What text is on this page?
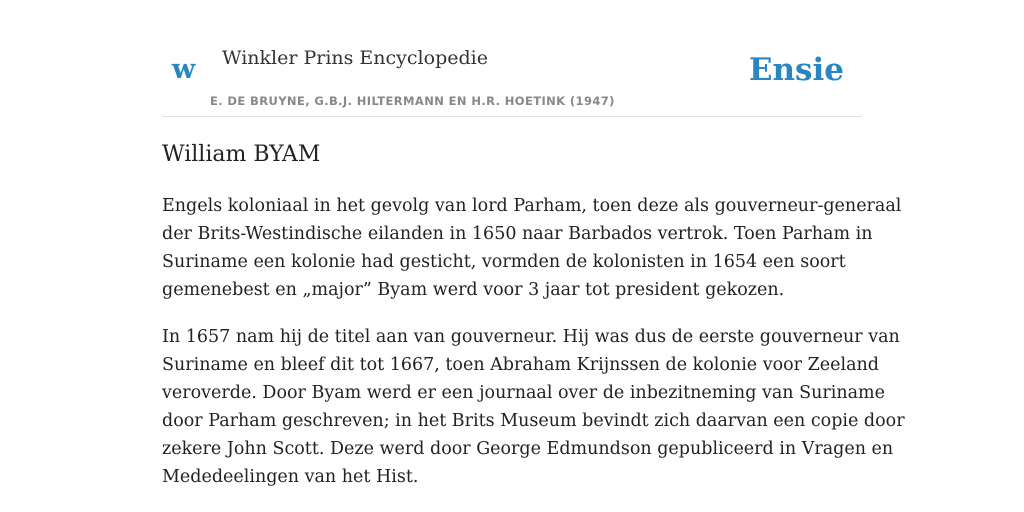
w Winkler Prins Encyclopedie
E. DE BRUYNE, G.B.J. HILTERMANN EN H.R. HOETINK (1947)
Ensie
William BYAM

Engels koloniaal in het gevolg van lord Parham, toen deze als gouverneur-generaal
der Brits-Westindische eilanden in 1650 naar Barbados vertrok. Toen Parham in
Suriname een kolonie had gesticht, vormden de kolonisten in 1654 een soort
gemenebest en „major” Byam werd voor 3 jaar tot president gekozen.

In 1657 nam hij de titel aan van gouverneur. Hij was dus de eerste gouverneur van
Suriname en bleef dit tot 1667, toen Abraham Krijnssen de kolonie voor Zeeland
veroverde. Door Byam werd er een journaal over de inbezitneming van Suriname
door Parham geschreven; in het Brits Museum bevindt zich daarvan een copie door
zekere John Scott. Deze werd door George Edmundson gepubliceerd in Vragen en
Mededeelingen van het Hist.
